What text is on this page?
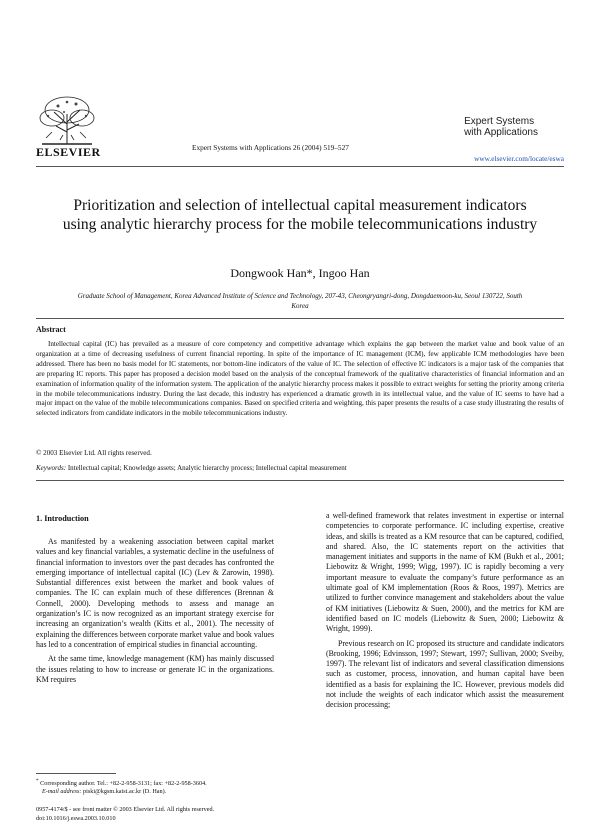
ELSEVIER	Expert Systems with Applications 26 (2004) 519–527
Expert Systems
with Applications
www.elsevier.com/locate/eswa
Prioritization and selection of intellectual capital measurement indicators using analytic hierarchy process for the mobile telecommunications industry
Dongwook Han*, Ingoo Han
Graduate School of Management, Korea Advanced Institute of Science and Technology, 207-43, Cheongryangri-dong, Dongdaemoon-ku, Seoul 130722, South Korea
Abstract
Intellectual capital (IC) has prevailed as a measure of core competency and competitive advantage which explains the gap between the market value and book value of an organization at a time of decreasing usefulness of current financial reporting. In spite of the importance of IC management (ICM), few applicable ICM methodologies have been addressed. There has been no basis model for IC statements, nor bottom-line indicators of the value of IC. The selection of effective IC indicators is a major task of the companies that are preparing IC reports. This paper has proposed a decision model based on the analysis of the conceptual framework of the qualitative characteristics of financial information and an examination of information quality of the information system. The application of the analytic hierarchy process makes it possible to extract weights for setting the priority among criteria in the mobile telecommunications industry. During the last decade, this industry has experienced a dramatic growth in its intellectual value, and the value of IC seems to have had a major impact on the value of the mobile telecommunications companies. Based on specified criteria and weighting, this paper presents the results of a case study illustrating the results of selected indicators from candidate indicators in the mobile telecommunications industry.
© 2003 Elsevier Ltd. All rights reserved.
Keywords: Intellectual capital; Knowledge assets; Analytic hierarchy process; Intellectual capital measurement
1. Introduction

As manifested by a weakening association between capital market values and key financial variables, a systematic decline in the usefulness of financial information to investors over the past decades has confronted the emerging importance of intellectual capital (IC) (Lev & Zarowin, 1998). Substantial differences exist between the market and book values of companies. The IC can explain much of these differences (Brennan & Connell, 2000). Developing methods to assess and manage an organization’s IC is now recognized as an important strategy exercise for increasing an organization’s wealth (Kitts et al., 2001). The necessity of explaining the differences between corporate market value and book values has led to a concentration of empirical studies in financial accounting.

At the same time, knowledge management (KM) has mainly discussed the issues relating to how to increase or generate IC in the organizations. KM requires

a well-defined framework that relates investment in expertise or internal competencies to corporate performance. IC including expertise, creative ideas, and skills is treated as a KM resource that can be captured, codified, and shared. Also, the IC statements report on the activities that management initiates and supports in the name of KM (Bukh et al., 2001; Liebowitz & Wright, 1999; Wigg, 1997). IC is rapidly becoming a very important measure to evaluate the company’s future performance as an ultimate goal of KM implementation (Roos & Roos, 1997). Metrics are utilized to further convince management and stakeholders about the value of KM initiatives (Liebowitz & Suen, 2000), and the metrics for KM are identified based on IC models (Liebowitz & Suen, 2000; Liebowitz & Wright, 1999).

Previous research on IC proposed its structure and candidate indicators (Brooking, 1996; Edvinsson, 1997; Stewart, 1997; Sullivan, 2000; Sveiby, 1997). The relevant list of indicators and several classification dimensions such as customer, process, innovation, and human capital have been identified as a basis for explaining the IC. However, previous models did not include the weights of each indicator which assist the measurement decision processing;

* Corresponding author. Tel.: +82-2-958-3131; fax: +82-2-958-3604.
E-mail address: piski@kgsm.kaist.ac.kr (D. Han).
0957-4174/$ - see front matter © 2003 Elsevier Ltd. All rights reserved.
doi:10.1016/j.eswa.2003.10.010
